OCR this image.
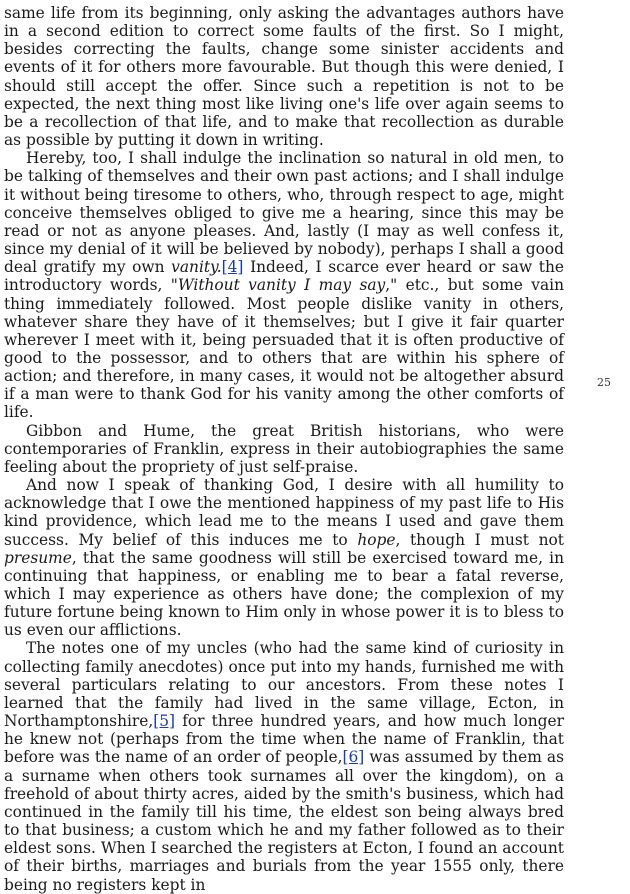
same life from its beginning, only asking the advantages authors have in a second edition to correct some faults of the first. So I might, besides correcting the faults, change some sinister accidents and events of it for others more favourable. But though this were denied, I should still accept the offer. Since such a repetition is not to be expected, the next thing most like living one's life over again seems to be a recollection of that life, and to make that recollection as durable as possible by putting it down in writing.

Hereby, too, I shall indulge the inclination so natural in old men, to be talking of themselves and their own past actions; and I shall indulge it without being tiresome to others, who, through respect to age, might conceive themselves obliged to give me a hearing, since this may be read or not as anyone pleases. And, lastly (I may as well confess it, since my denial of it will be believed by nobody), perhaps I shall a good deal gratify my own vanity.[4] Indeed, I scarce ever heard or saw the introductory words, "Without vanity I may say," etc., but some vain thing immediately followed. Most people dislike vanity in others, whatever share they have of it themselves; but I give it fair quarter wherever I meet with it, being persuaded that it is often productive of good to the possessor, and to others that are within his sphere of action; and therefore, in many cases, it would not be altogether absurd if a man were to thank God for his vanity among the other comforts of life.

Gibbon and Hume, the great British historians, who were contemporaries of Franklin, express in their autobiographies the same feeling about the propriety of just self-praise.

And now I speak of thanking God, I desire with all humility to acknowledge that I owe the mentioned happiness of my past life to His kind providence, which lead me to the means I used and gave them success. My belief of this induces me to hope, though I must not presume, that the same goodness will still be exercised toward me, in continuing that happiness, or enabling me to bear a fatal reverse, which I may experience as others have done; the complexion of my future fortune being known to Him only in whose power it is to bless to us even our afflictions.

The notes one of my uncles (who had the same kind of curiosity in collecting family anecdotes) once put into my hands, furnished me with several particulars relating to our ancestors. From these notes I learned that the family had lived in the same village, Ecton, in Northamptonshire,[5] for three hundred years, and how much longer he knew not (perhaps from the time when the name of Franklin, that before was the name of an order of people,[6] was assumed by them as a surname when others took surnames all over the kingdom), on a freehold of about thirty acres, aided by the smith's business, which had continued in the family till his time, the eldest son being always bred to that business; a custom which he and my father followed as to their eldest sons. When I searched the registers at Ecton, I found an account of their births, marriages and burials from the year 1555 only, there being no registers kept in

25
